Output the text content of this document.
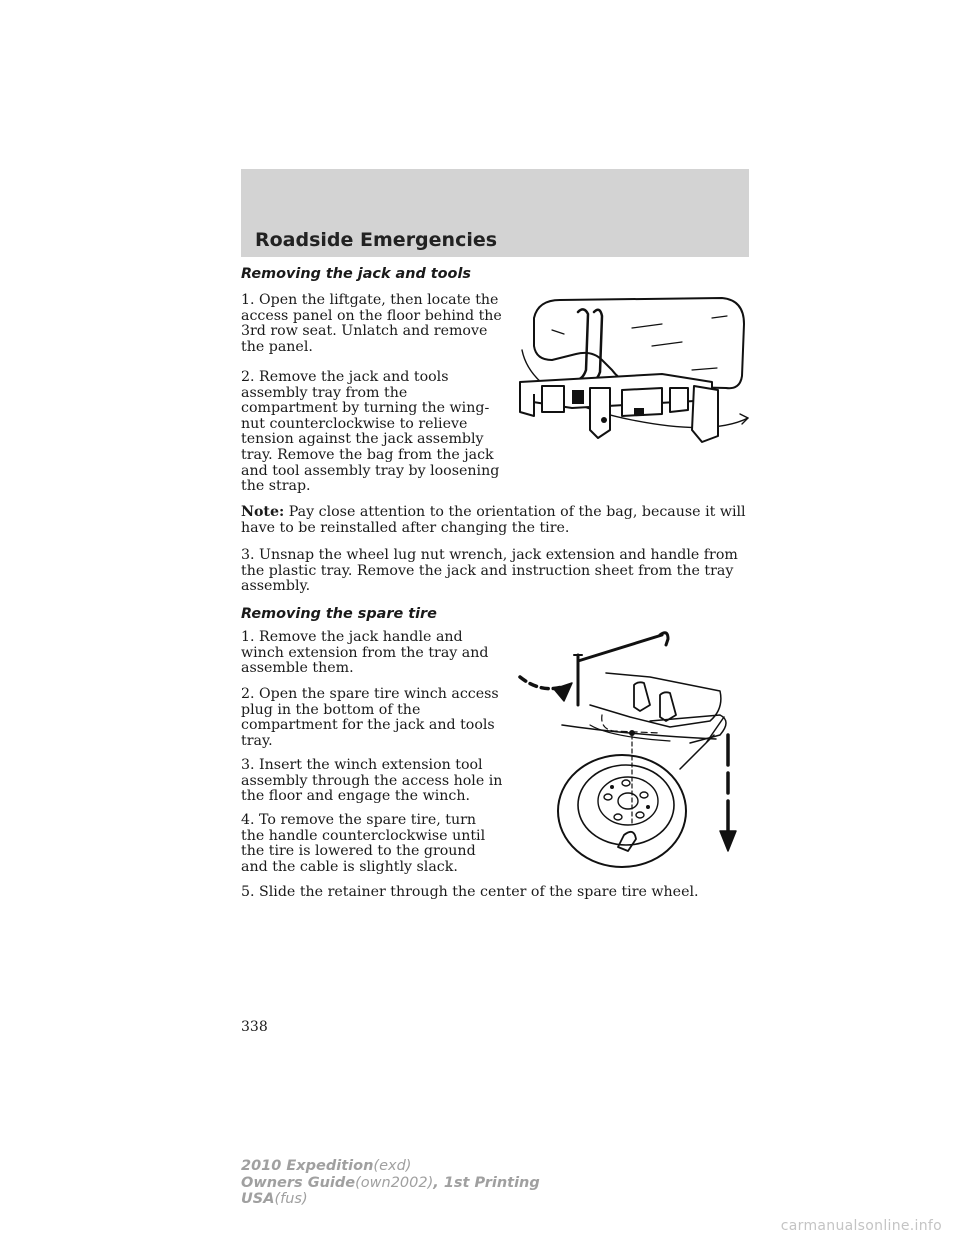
Roadside Emergencies
Removing the jack and tools

1. Open the liftgate, then locate the access panel on the floor behind the 3rd row seat. Unlatch and remove the panel.

2. Remove the jack and tools assembly tray from the compartment by turning the wing-nut counterclockwise to relieve tension against the jack assembly tray. Remove the bag from the jack and tool assembly tray by loosening the strap.

Note: Pay close attention to the orientation of the bag, because it will have to be reinstalled after changing the tire.

3. Unsnap the wheel lug nut wrench, jack extension and handle from the plastic tray. Remove the jack and instruction sheet from the tray assembly.

Removing the spare tire

1. Remove the jack handle and winch extension from the tray and assemble them.

2. Open the spare tire winch access plug in the bottom of the compartment for the jack and tools tray.

3. Insert the winch extension tool assembly through the access hole in the floor and engage the winch.

4. To remove the spare tire, turn the handle counterclockwise until the tire is lowered to the ground and the cable is slightly slack.

5. Slide the retainer through the center of the spare tire wheel.

338
2010 Expedition(exd)
Owners Guide(own2002), 1st Printing
USA(fus)
carmanualsonline.info
